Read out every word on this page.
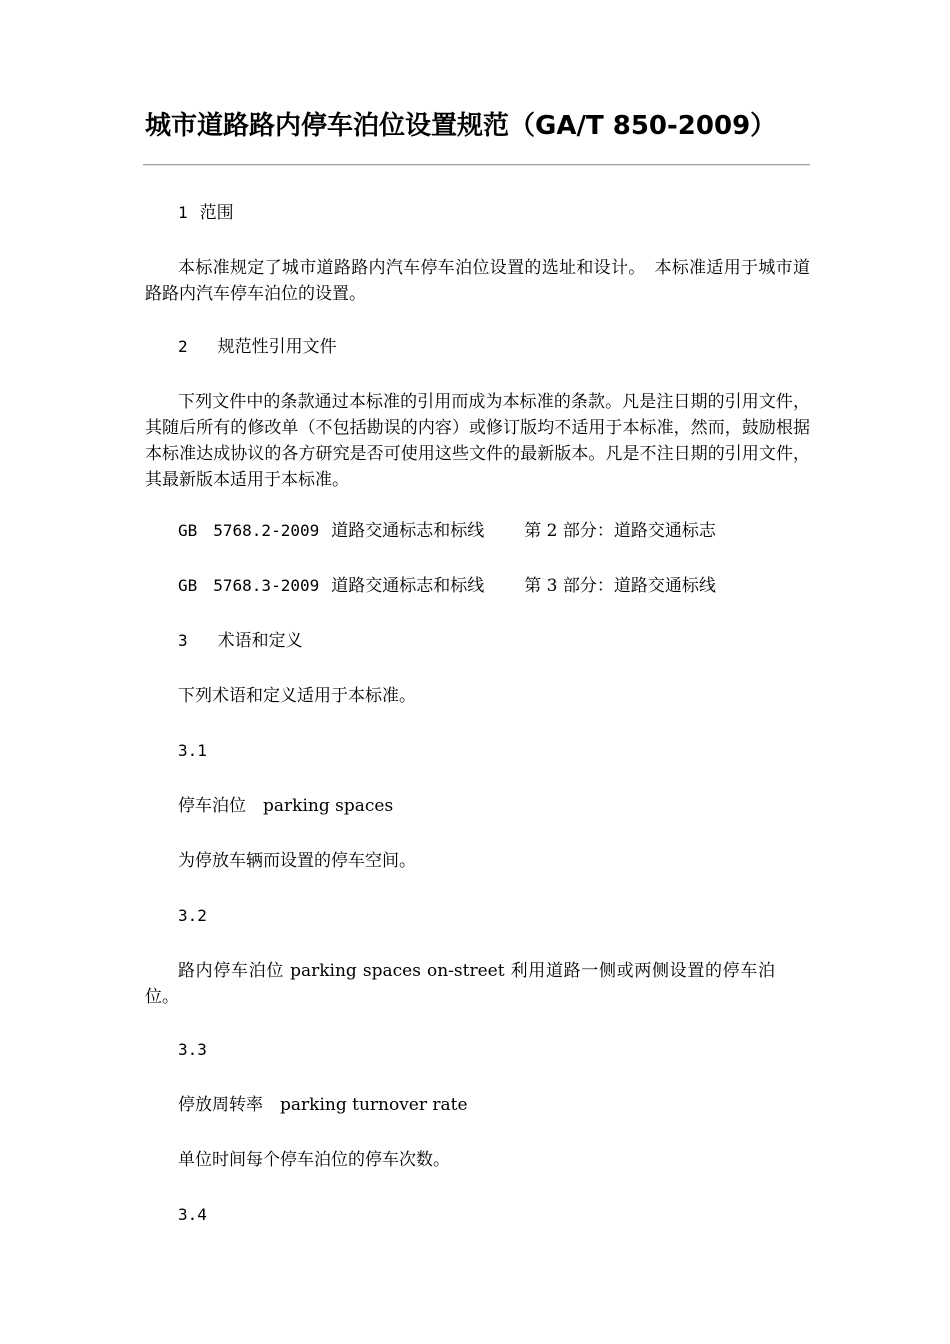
城市道路路内停车泊位设置规范（GA/T 850-2009）

1 范围

本标准规定了城市道路路内汽车停车泊位设置的选址和设计。　本标准适用于城市道路路内汽车停车泊位的设置。

2 规范性引用文件

下列文件中的条款通过本标准的引用而成为本标准的条款。凡是注日期的引用文件，其随后所有的修改单（不包括勘误的内容）或修订版均不适用于本标准，然而，鼓励根据本标准达成协议的各方研究是否可使用这些文件的最新版本。凡是不注日期的引用文件，其最新版本适用于本标准。

GB　5768.2-2009 道路交通标志和标线 第 2 部分：道路交通标志

GB　5768.3-2009 道路交通标志和标线 第 3 部分：道路交通标线

3 术语和定义

下列术语和定义适用于本标准。

3.1

停车泊位　parking spaces

为停放车辆而设置的停车空间。

3.2

路内停车泊位 parking spaces on-street 利用道路一侧或两侧设置的停车泊位。

3.3

停放周转率　parking turnover rate

单位时间每个停车泊位的停车次数。

3.4
